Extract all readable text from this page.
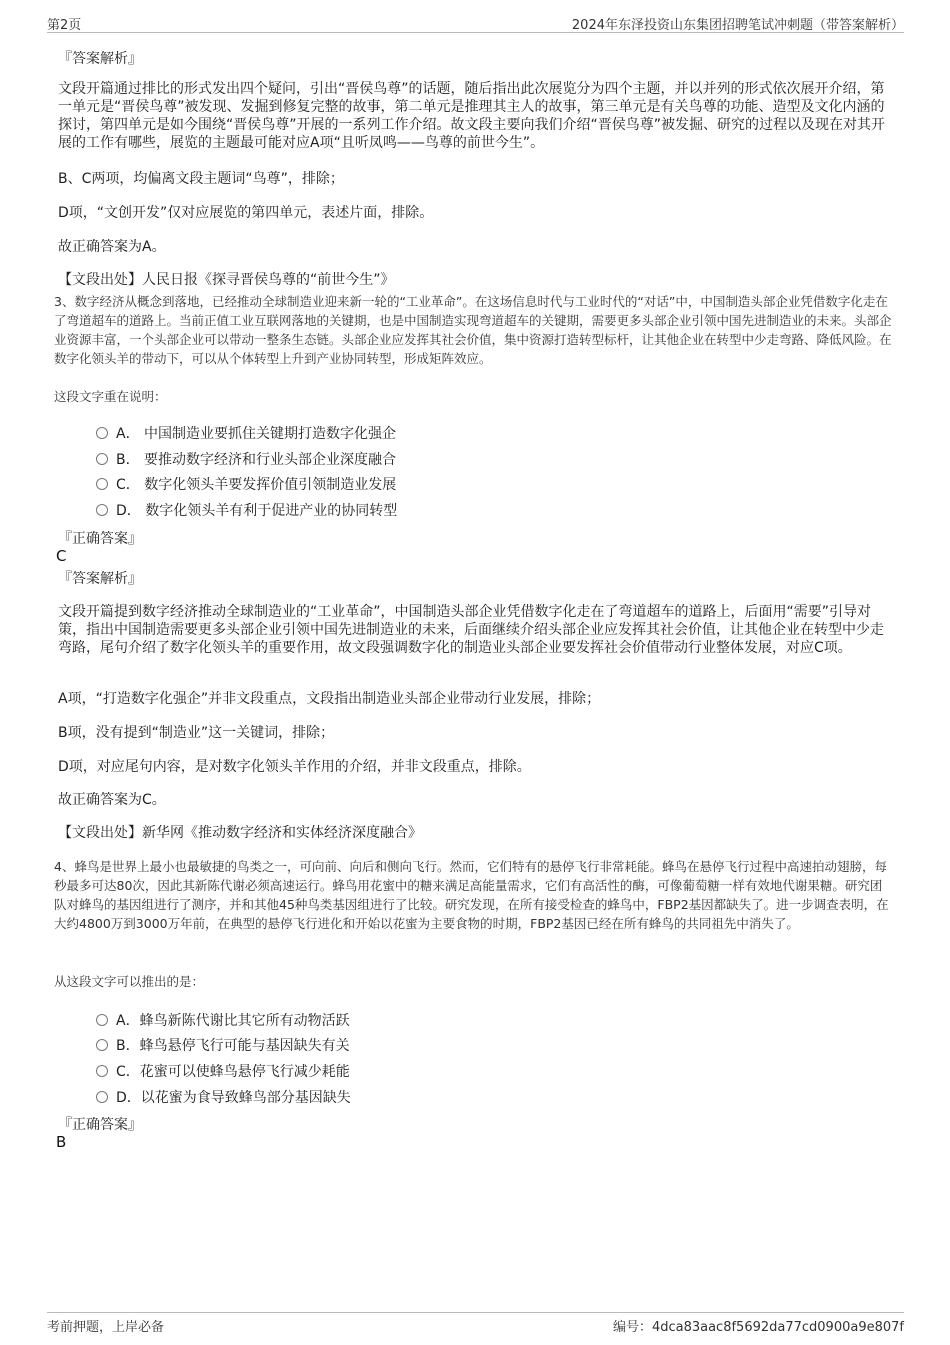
第2页	2024年东泽投资山东集团招聘笔试冲刺题（带答案解析）
『答案解析』
文段开篇通过排比的形式发出四个疑问，引出“晋侯鸟尊”的话题，随后指出此次展览分为四个主题，并以并列的形式依次展开介绍，第一单元是“晋侯鸟尊”被发现、发掘到修复完整的故事，第二单元是推理其主人的故事，第三单元是有关鸟尊的功能、造型及文化内涵的探讨，第四单元是如今围绕“晋侯鸟尊”开展的一系列工作介绍。故文段主要向我们介绍“晋侯鸟尊”被发掘、研究的过程以及现在对其开展的工作有哪些，展览的主题最可能对应A项“且听凤鸣——鸟尊的前世今生”。
B、C两项，均偏离文段主题词“鸟尊”，排除；
D项，“文创开发”仅对应展览的第四单元，表述片面，排除。
故正确答案为A。
【文段出处】人民日报《探寻晋侯鸟尊的“前世今生”》
3、数字经济从概念到落地，已经推动全球制造业迎来新一轮的“工业革命”。在这场信息时代与工业时代的“对话”中，中国制造头部企业凭借数字化走在了弯道超车的道路上。当前正值工业互联网落地的关键期，也是中国制造实现弯道超车的关键期，需要更多头部企业引领中国先进制造业的未来。头部企业资源丰富，一个头部企业可以带动一整条生态链。头部企业应发挥其社会价值，集中资源打造转型标杆，让其他企业在转型中少走弯路、降低风险。在数字化领头羊的带动下，可以从个体转型上升到产业协同转型，形成矩阵效应。
这段文字重在说明：
A． 中国制造业要抓住关键期打造数字化强企
B． 要推动数字经济和行业头部企业深度融合
C． 数字化领头羊要发挥价值引领制造业发展
D． 数字化领头羊有利于促进产业的协同转型
『正确答案』
C
『答案解析』
文段开篇提到数字经济推动全球制造业的“工业革命”，中国制造头部企业凭借数字化走在了弯道超车的道路上，后面用“需要”引导对策，指出中国制造需要更多头部企业引领中国先进制造业的未来，后面继续介绍头部企业应发挥其社会价值，让其他企业在转型中少走弯路，尾句介绍了数字化领头羊的重要作用，故文段强调数字化的制造业头部企业要发挥社会价值带动行业整体发展，对应C项。
A项，“打造数字化强企”并非文段重点，文段指出制造业头部企业带动行业发展，排除；
B项，没有提到“制造业”这一关键词，排除；
D项，对应尾句内容，是对数字化领头羊作用的介绍，并非文段重点，排除。
故正确答案为C。
【文段出处】新华网《推动数字经济和实体经济深度融合》
4、蜂鸟是世界上最小也最敏捷的鸟类之一，可向前、向后和侧向飞行。然而，它们特有的悬停飞行非常耗能。蜂鸟在悬停飞行过程中高速拍动翅膀，每秒最多可达80次，因此其新陈代谢必须高速运行。蜂鸟用花蜜中的糖来满足高能量需求，它们有高活性的酶，可像葡萄糖一样有效地代谢果糖。研究团队对蜂鸟的基因组进行了测序，并和其他45种鸟类基因组进行了比较。研究发现，在所有接受检查的蜂鸟中，FBP2基因都缺失了。进一步调查表明，在大约4800万到3000万年前，在典型的悬停飞行进化和开始以花蜜为主要食物的时期，FBP2基因已经在所有蜂鸟的共同祖先中消失了。
从这段文字可以推出的是：
A．蜂鸟新陈代谢比其它所有动物活跃
B．蜂鸟悬停飞行可能与基因缺失有关
C．花蜜可以使蜂鸟悬停飞行减少耗能
D．以花蜜为食导致蜂鸟部分基因缺失
『正确答案』
B
考前押题，上岸必备	编号：4dca83aac8f5692da77cd0900a9e807f
